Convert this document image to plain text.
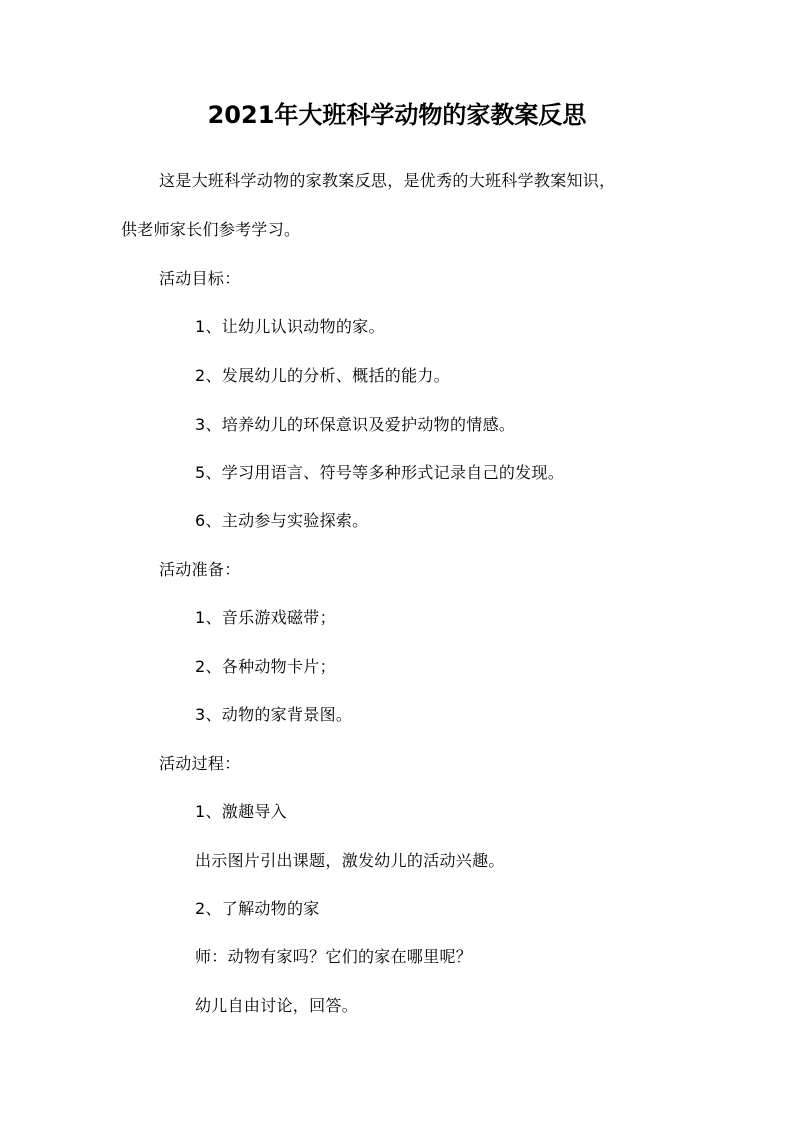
2021年大班科学动物的家教案反思
这是大班科学动物的家教案反思，是优秀的大班科学教案知识，
供老师家长们参考学习。
活动目标：
1、让幼儿认识动物的家。
2、发展幼儿的分析、概括的能力。
3、培养幼儿的环保意识及爱护动物的情感。
5、学习用语言、符号等多种形式记录自己的发现。
6、主动参与实验探索。
活动准备：
1、音乐游戏磁带；
2、各种动物卡片；
3、动物的家背景图。
活动过程：
1、激趣导入
出示图片引出课题，激发幼儿的活动兴趣。
2、了解动物的家
师：动物有家吗？它们的家在哪里呢？
幼儿自由讨论，回答。
